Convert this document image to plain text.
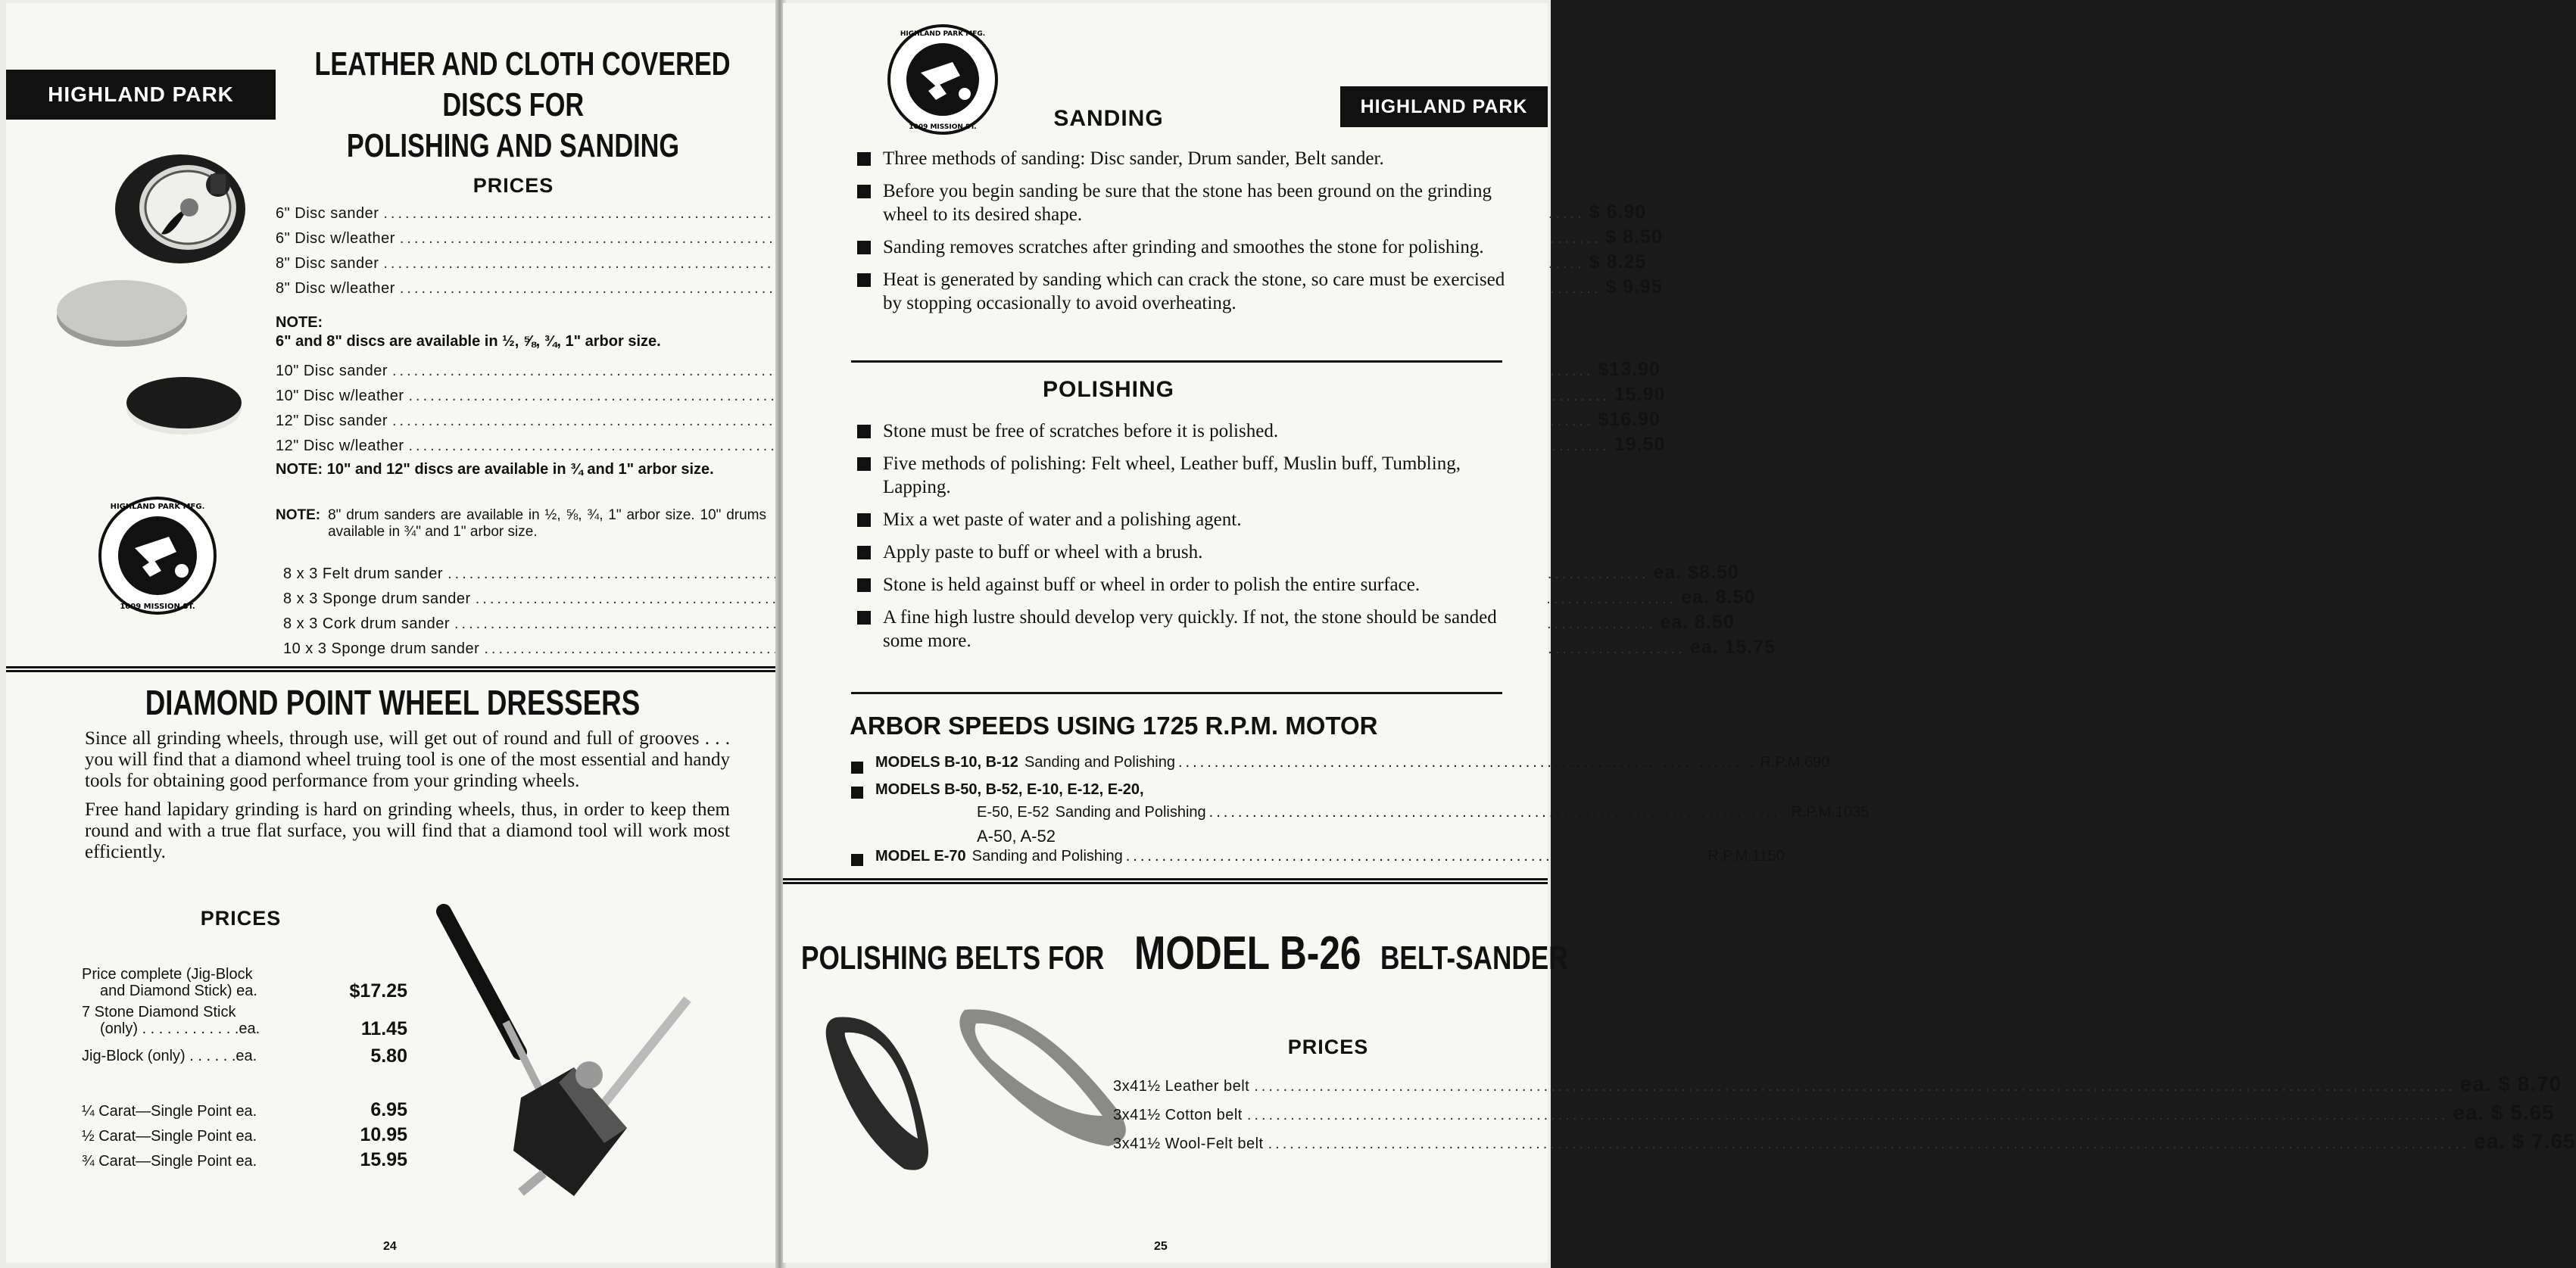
HIGHLAND PARK
LEATHER AND CLOTH COVERED
DISCS FOR
POLISHING AND SANDING
PRICES
HIGHLAND PARK MFG.
1009 MISSION ST.
6" Disc sander .....	$ 6.90
6" Disc w/leather .....	$ 8.50
8" Disc sander .....	$ 8.25
8" Disc w/leather .....	$ 9.95
NOTE:
6" and 8" discs are available in ½, ⅝, ¾, 1" arbor size.
10" Disc sander .....	$13.90
10" Disc w/leather .....	15.90
12" Disc sander .....	$16.90
12" Disc w/leather .....	19.50
NOTE: 10" and 12" discs are available in ¾ and 1" arbor size.
NOTE: 8" drum sanders are available in ½, ⅝, ¾, 1" arbor size. 10" drums available in ¾" and 1" arbor size.
8 x 3 Felt drum sander .....	ea. $8.50
8 x 3 Sponge drum sander .....	ea. 8.50
8 x 3 Cork drum sander .....	ea. 8.50
10 x 3 Sponge drum sander .....	ea. 15.75
DIAMOND POINT WHEEL DRESSERS

Since all grinding wheels, through use, will get out of round and full of grooves . . . you will find that a diamond wheel truing tool is one of the most essential and handy tools for obtaining good performance from your grinding wheels.

Free hand lapidary grinding is hard on grinding wheels, thus, in order to keep them round and with a true flat surface, you will find that a diamond tool will work most efficiently.

PRICES
Price complete (Jig-Block
and Diamond Stick) ea.	$17.25
7 Stone Diamond Stick
(only) . . . . . . . . . . . .ea.	11.45
Jig-Block (only) . . . . . .ea.	5.80
¼ Carat—Single Point ea.	6.95
½ Carat—Single Point ea.	10.95
¾ Carat—Single Point ea.	15.95
24
HIGHLAND PARK MFG.
1009 MISSION ST.
HIGHLAND PARK
SANDING
Three methods of sanding: Disc sander, Drum sander, Belt sander.
Before you begin sanding be sure that the stone has been ground on the grinding wheel to its desired shape.
Sanding removes scratches after grinding and smoothes the stone for polishing.
Heat is generated by sanding which can crack the stone, so care must be exercised by stopping occasionally to avoid overheating.
POLISHING
Stone must be free of scratches before it is polished.
Five methods of polishing: Felt wheel, Leather buff, Muslin buff, Tumbling, Lapping.
Mix a wet paste of water and a polishing agent.
Apply paste to buff or wheel with a brush.
Stone is held against buff or wheel in order to polish the entire surface.
A fine high lustre should develop very quickly. If not, the stone should be sanded some more.
ARBOR SPEEDS USING 1725 R.P.M. MOTOR
MODELS B-10, B-12 Sanding and Polishing ................................................................................ R.P.M. 690
MODELS B-50, B-52, E-10, E-12, E-20,
E-50, E-52 Sanding and Polishing ................................................................................ R.P.M. 1035
A-50, A-52
MODEL E-70 Sanding and Polishing ................................................................................ R.P.M. 1150
POLISHING BELTS FOR MODEL B-26 BELT-SANDER
PRICES
3x41½ Leather belt .....	ea. $ 8.70
3x41½ Cotton belt .....	ea. $ 5.65
3x41½ Wool-Felt belt .....	ea. $ 7.65
25
